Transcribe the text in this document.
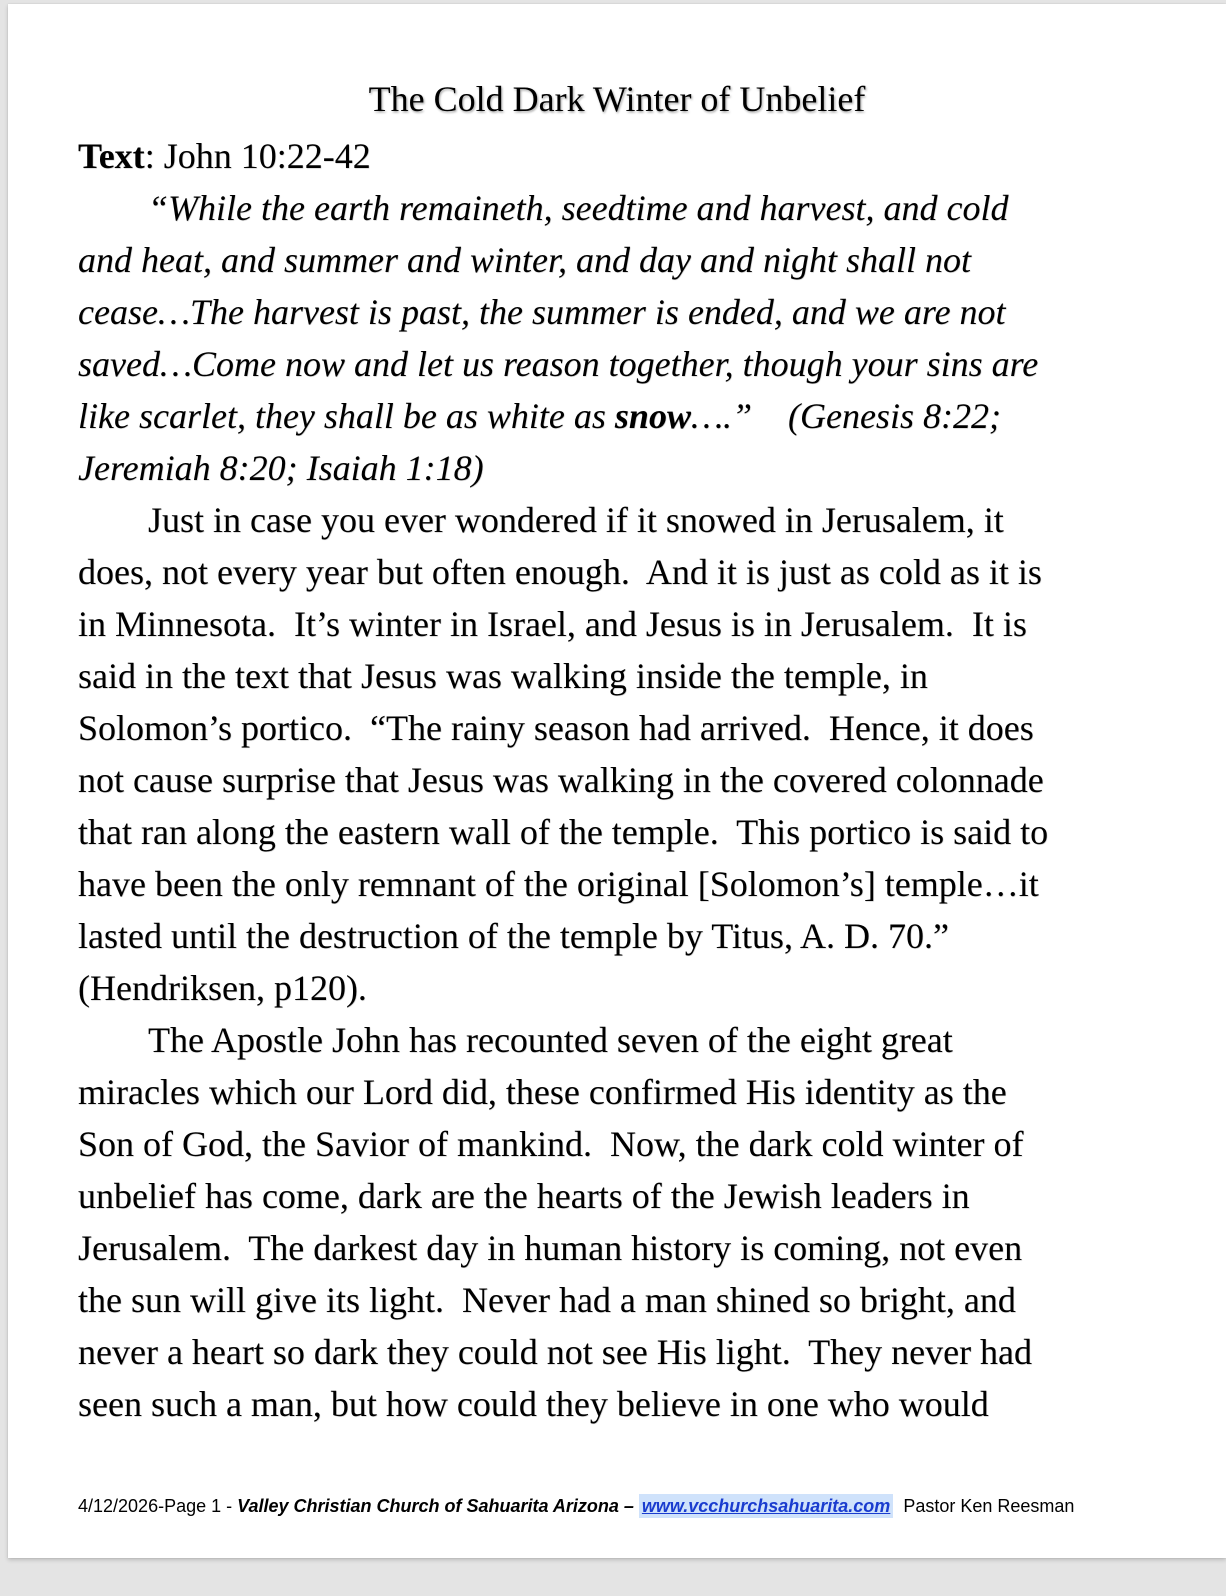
The Cold Dark Winter of Unbelief
Text: John 10:22-42
“While the earth remaineth, seedtime and harvest, and cold
and heat, and summer and winter, and day and night shall not
cease…The harvest is past, the summer is ended, and we are not
saved…Come now and let us reason together, though your sins are
like scarlet, they shall be as white as snow….”    (Genesis 8:22;
Jeremiah 8:20; Isaiah 1:18)
Just in case you ever wondered if it snowed in Jerusalem, it
does, not every year but often enough.  And it is just as cold as it is
in Minnesota.  It’s winter in Israel, and Jesus is in Jerusalem.  It is
said in the text that Jesus was walking inside the temple, in
Solomon’s portico.  “The rainy season had arrived.  Hence, it does
not cause surprise that Jesus was walking in the covered colonnade
that ran along the eastern wall of the temple.  This portico is said to
have been the only remnant of the original [Solomon’s] temple…it
lasted until the destruction of the temple by Titus, A. D. 70.”
(Hendriksen, p120).
The Apostle John has recounted seven of the eight great
miracles which our Lord did, these confirmed His identity as the
Son of God, the Savior of mankind.  Now, the dark cold winter of
unbelief has come, dark are the hearts of the Jewish leaders in
Jerusalem.  The darkest day in human history is coming, not even
the sun will give its light.  Never had a man shined so bright, and
never a heart so dark they could not see His light.  They never had
seen such a man, but how could they believe in one who would
4/12/2026-Page 1 - Valley Christian Church of Sahuarita Arizona – www.vcchurchsahuarita.com  Pastor Ken Reesman
